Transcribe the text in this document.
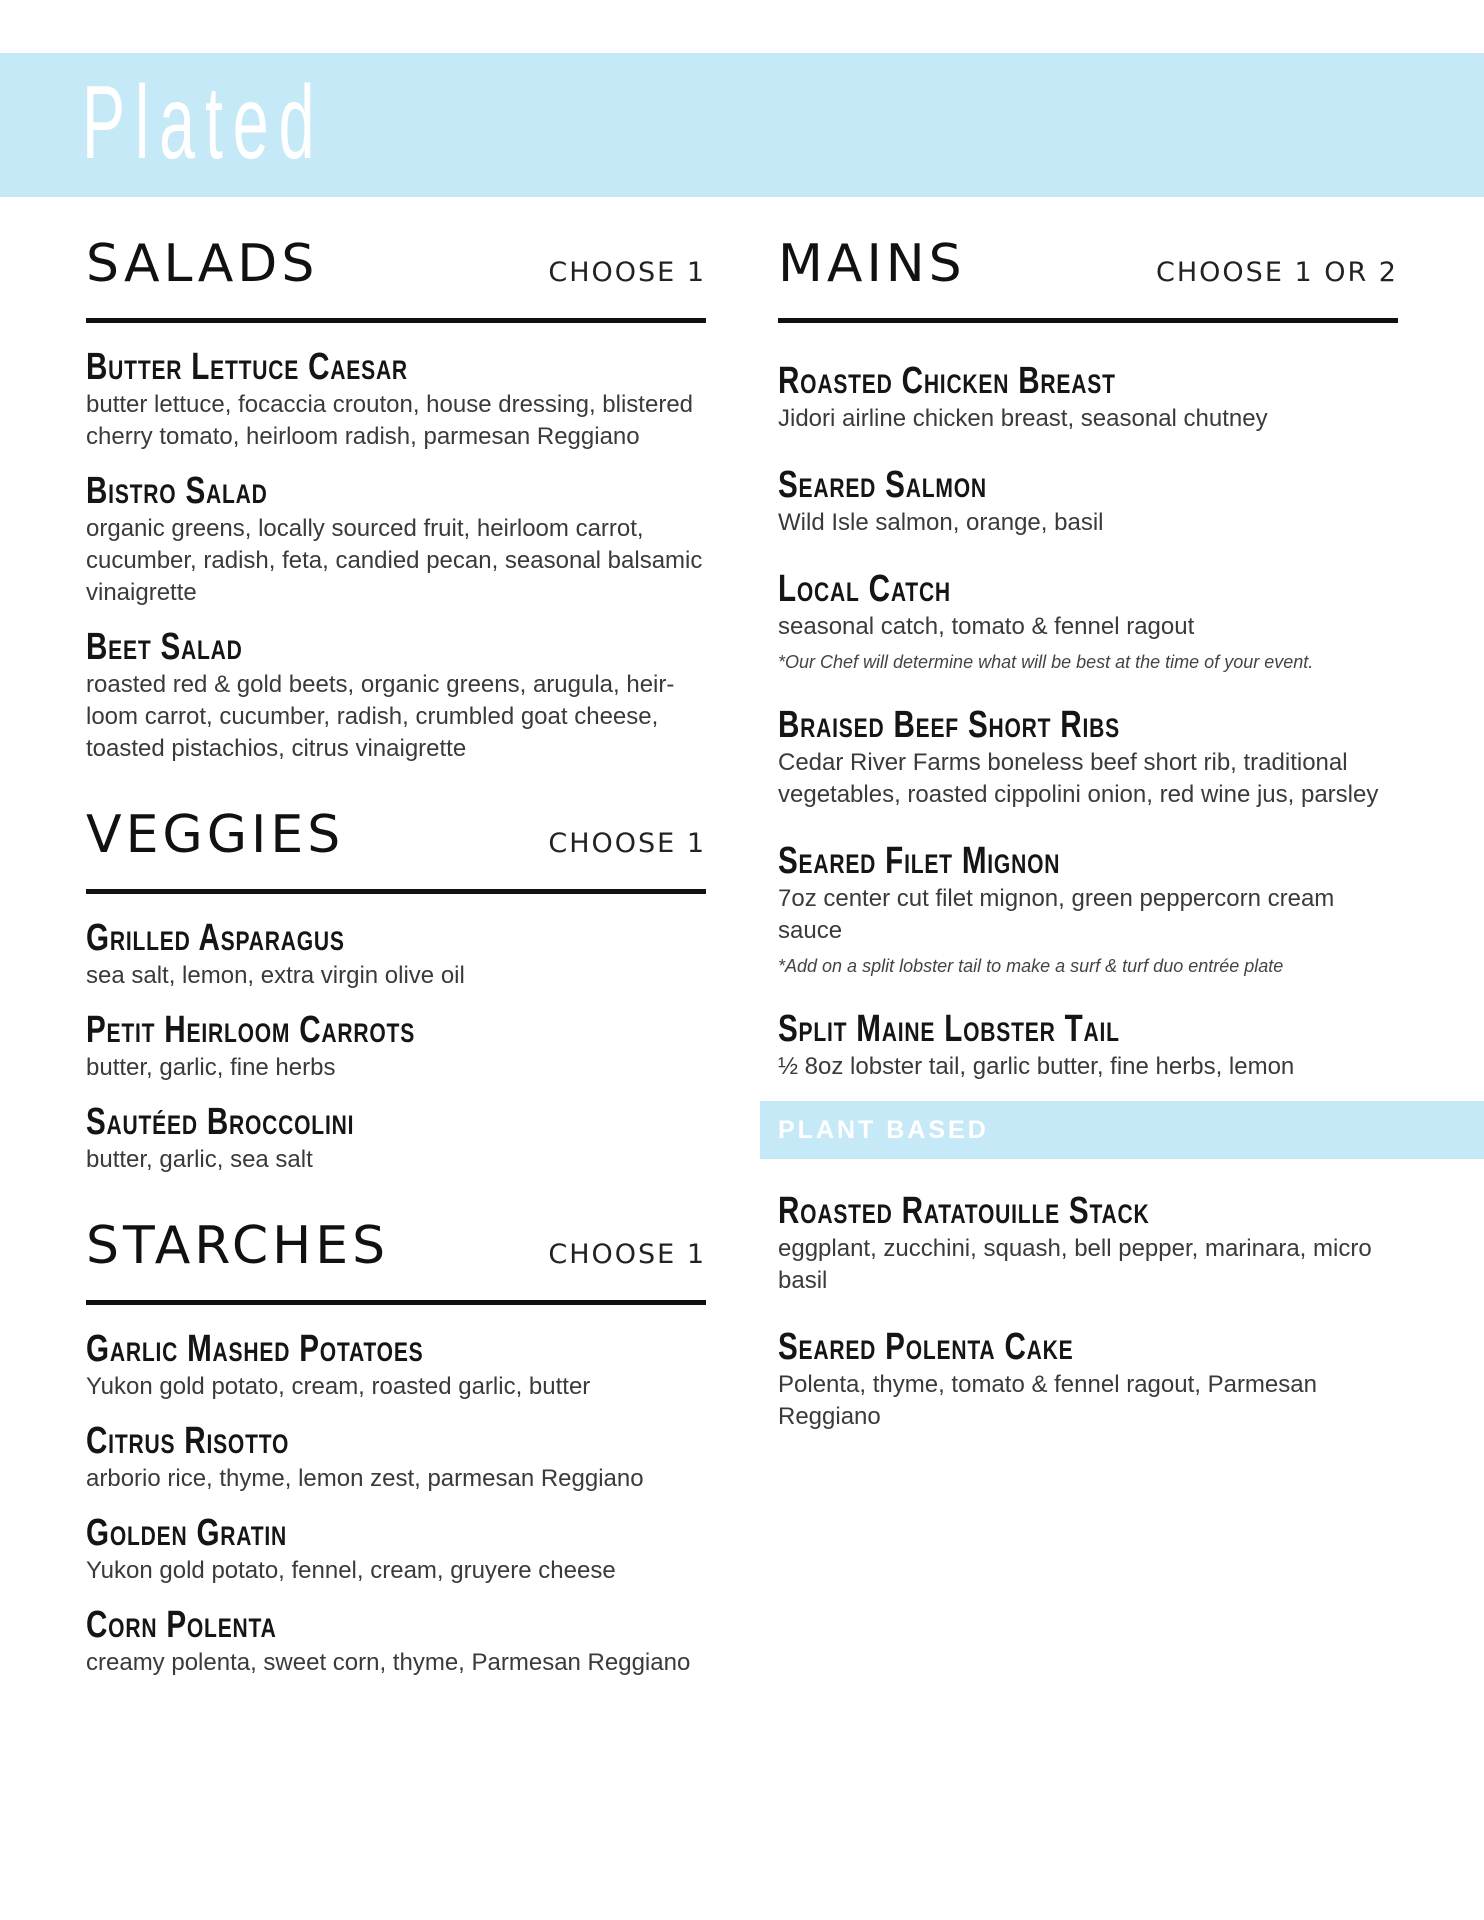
Plated
SALADS	CHOOSE 1
Butter Lettuce Caesar
butter lettuce, focaccia crouton, house dressing, blistered cherry tomato, heirloom radish, parmesan Reggiano
Bistro Salad
organic greens, locally sourced fruit, heirloom carrot, cucumber, radish, feta, candied pecan, seasonal balsamic vinaigrette
Beet Salad
roasted red & gold beets, organic greens, arugula, heir-loom carrot, cucumber, radish, crumbled goat cheese, toasted pistachios, citrus vinaigrette
VEGGIES	CHOOSE 1
Grilled Asparagus
sea salt, lemon, extra virgin olive oil
Petit Heirloom Carrots
butter, garlic, fine herbs
Sautéed Broccolini
butter, garlic, sea salt
STARCHES	CHOOSE 1
Garlic Mashed Potatoes
Yukon gold potato, cream, roasted garlic, butter
Citrus Risotto
arborio rice, thyme, lemon zest, parmesan Reggiano
Golden Gratin
Yukon gold potato, fennel, cream, gruyere cheese
Corn Polenta
creamy polenta, sweet corn, thyme, Parmesan Reggiano
MAINS	CHOOSE 1 OR 2
Roasted Chicken Breast
Jidori airline chicken breast, seasonal chutney
Seared Salmon
Wild Isle salmon, orange, basil
Local Catch
seasonal catch, tomato & fennel ragout
*Our Chef will determine what will be best at the time of your event.
Braised Beef Short Ribs
Cedar River Farms boneless beef short rib, traditional vegetables, roasted cippolini onion, red wine jus, parsley
Seared Filet Mignon
7oz center cut filet mignon, green peppercorn cream sauce
*Add on a split lobster tail to make a surf & turf duo entrée plate
Split Maine Lobster Tail
½ 8oz lobster tail, garlic butter, fine herbs, lemon
PLANT BASED
Roasted Ratatouille Stack
eggplant, zucchini, squash, bell pepper, marinara, micro basil
Seared Polenta Cake
Polenta, thyme, tomato & fennel ragout, Parmesan Reggiano
